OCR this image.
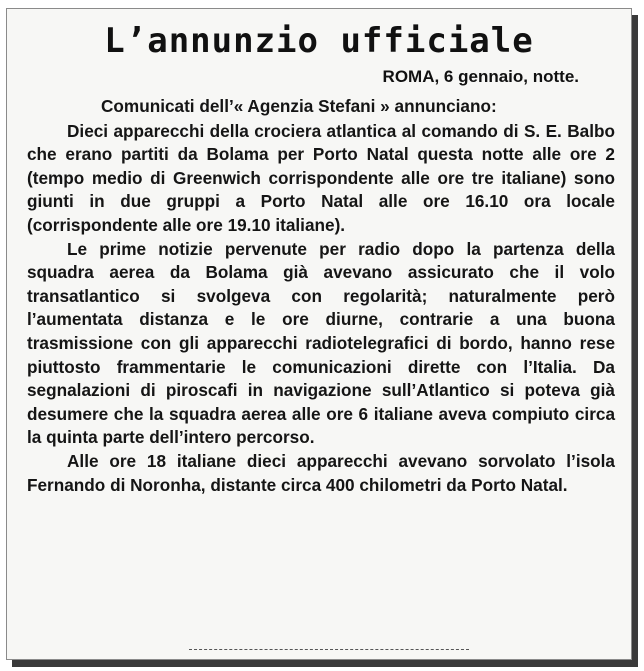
L’annunzio ufficiale
ROMA, 6 gennaio, notte.

Comunicati dell’« Agenzia Stefani » annunciano:

Dieci apparecchi della crociera atlantica al comando di S. E. Balbo che erano partiti da Bolama per Porto Natal questa notte alle ore 2 (tempo medio di Greenwich corrispondente alle ore tre italiane) sono giunti in due gruppi a Porto Natal alle ore 16.10 ora locale (corrispondente alle ore 19.10 italiane).

Le prime notizie pervenute per radio dopo la partenza della squadra aerea da Bolama già avevano assicurato che il volo transatlantico si svolgeva con regolarità; naturalmente però l’aumentata distanza e le ore diurne, contrarie a una buona trasmissione con gli apparecchi radiotelegrafici di bordo, hanno rese piuttosto frammentarie le comunicazioni dirette con l’Italia. Da segnalazioni di piroscafi in navigazione sull’Atlantico si poteva già desumere che la squadra aerea alle ore 6 italiane aveva compiuto circa la quinta parte dell’intero percorso.

Alle ore 18 italiane dieci apparecchi avevano sorvolato l’isola Fernando di Noronha, distante circa 400 chilometri da Porto Natal.
